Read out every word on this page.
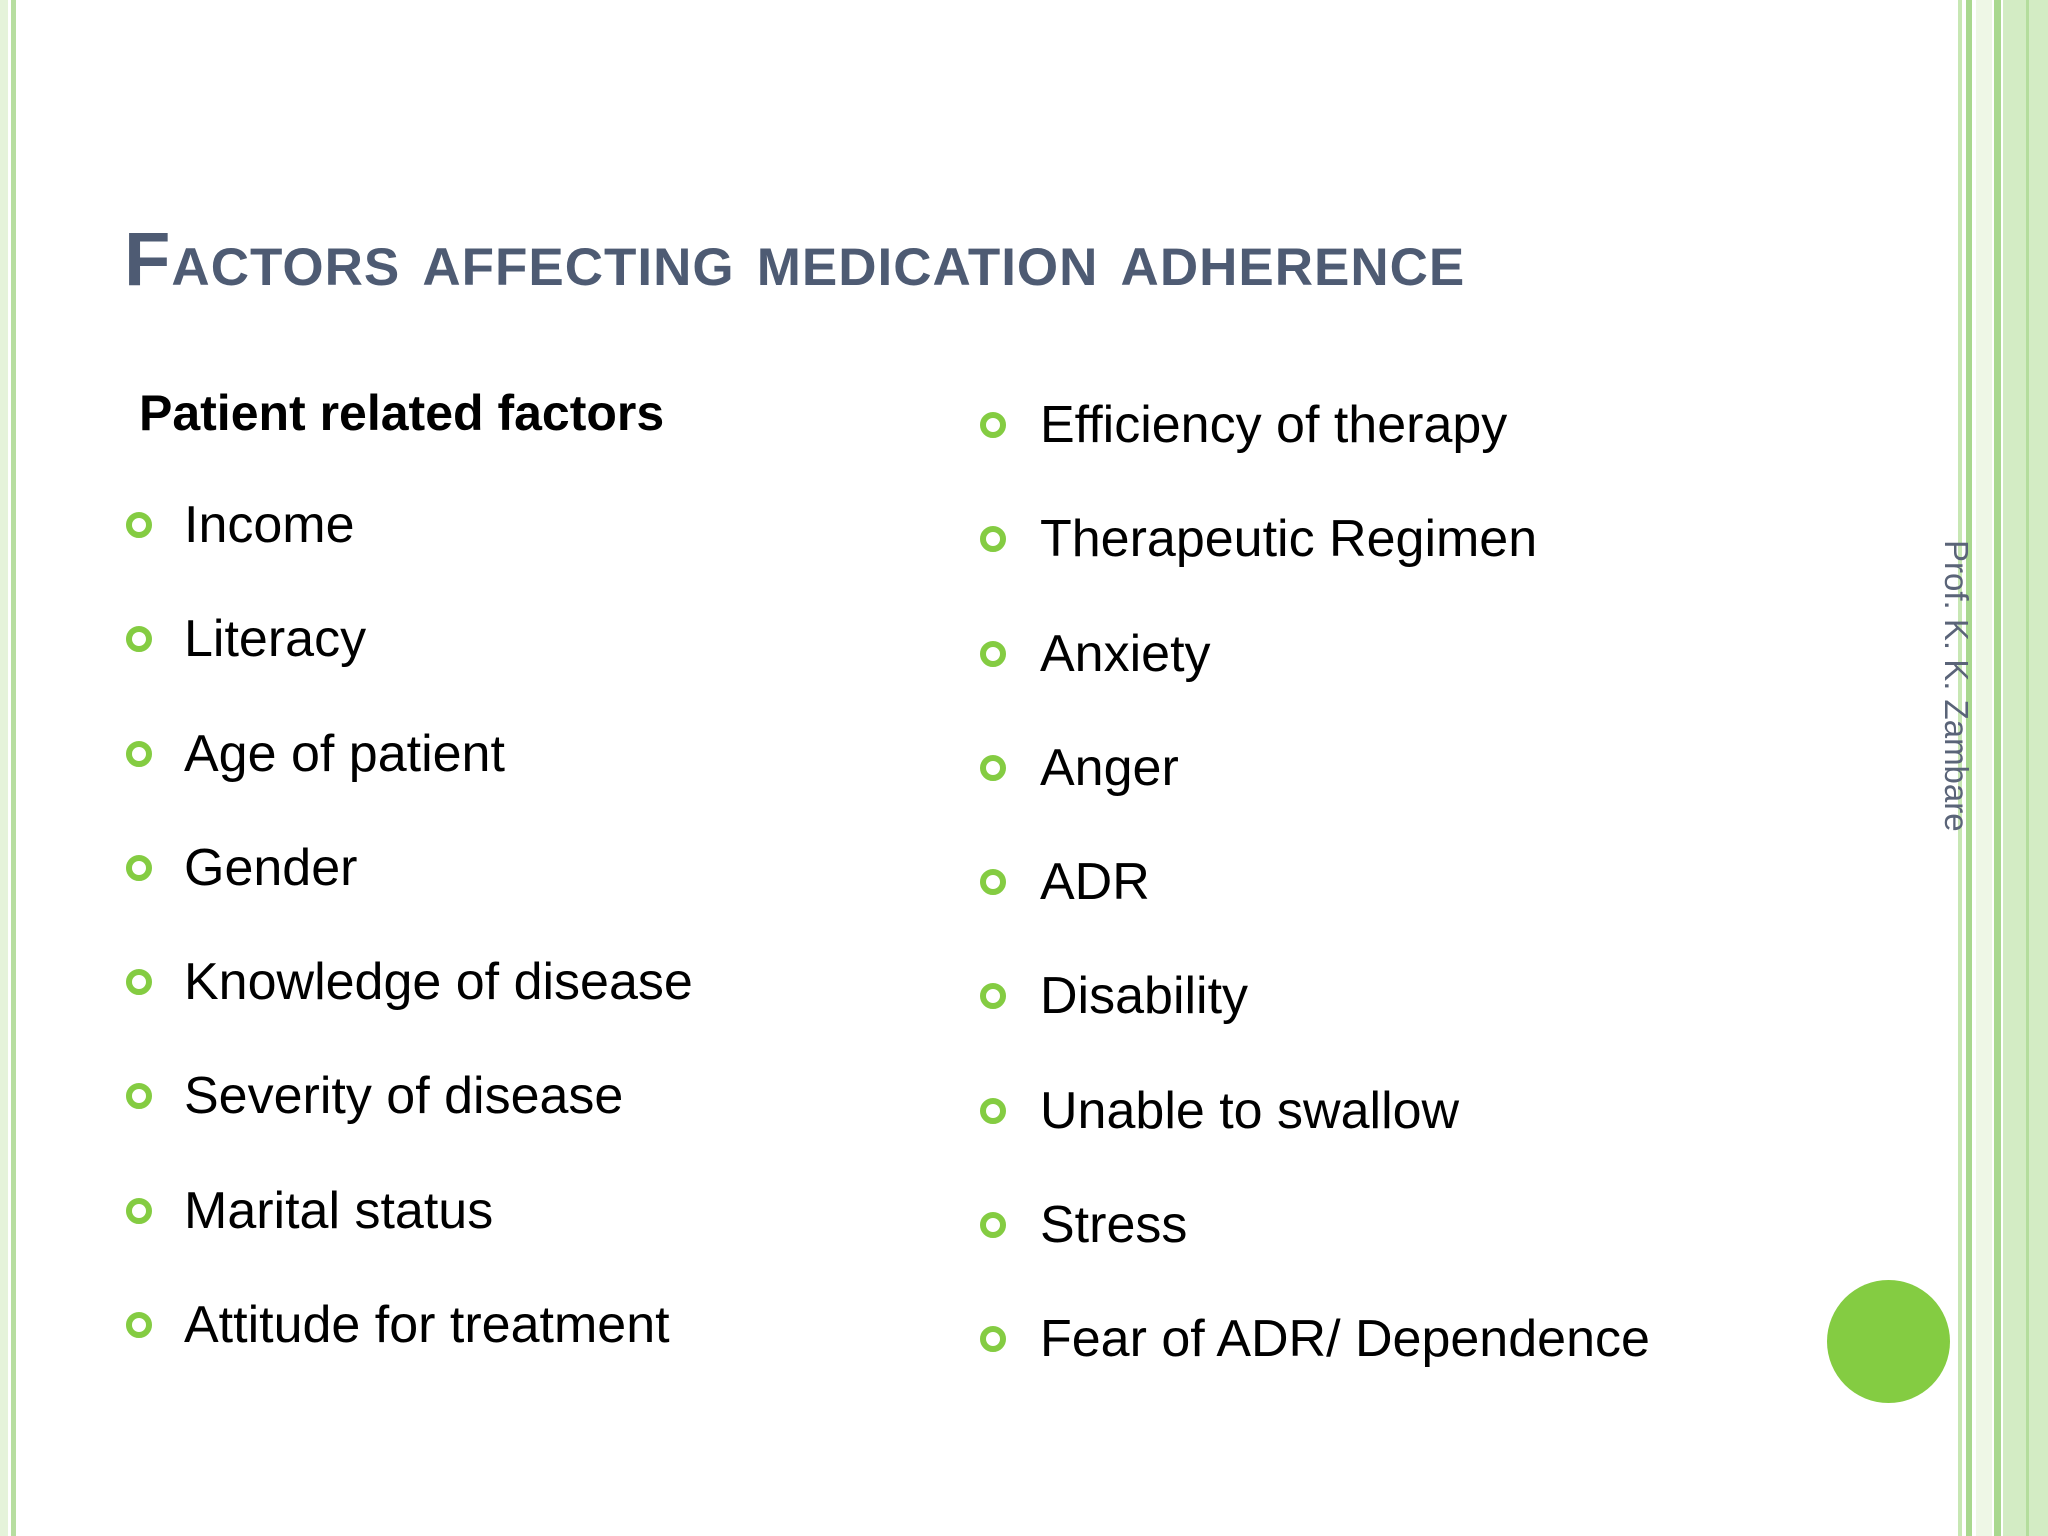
Factors affecting medication adherence
Patient related factors
Income
Literacy
Age of patient
Gender
Knowledge of disease
Severity of disease
Marital status
Attitude for treatment
Efficiency of therapy
Therapeutic Regimen
Anxiety
Anger
ADR
Disability
Unable to swallow
Stress
Fear of ADR/ Dependence
Prof. K. K. Zambare
